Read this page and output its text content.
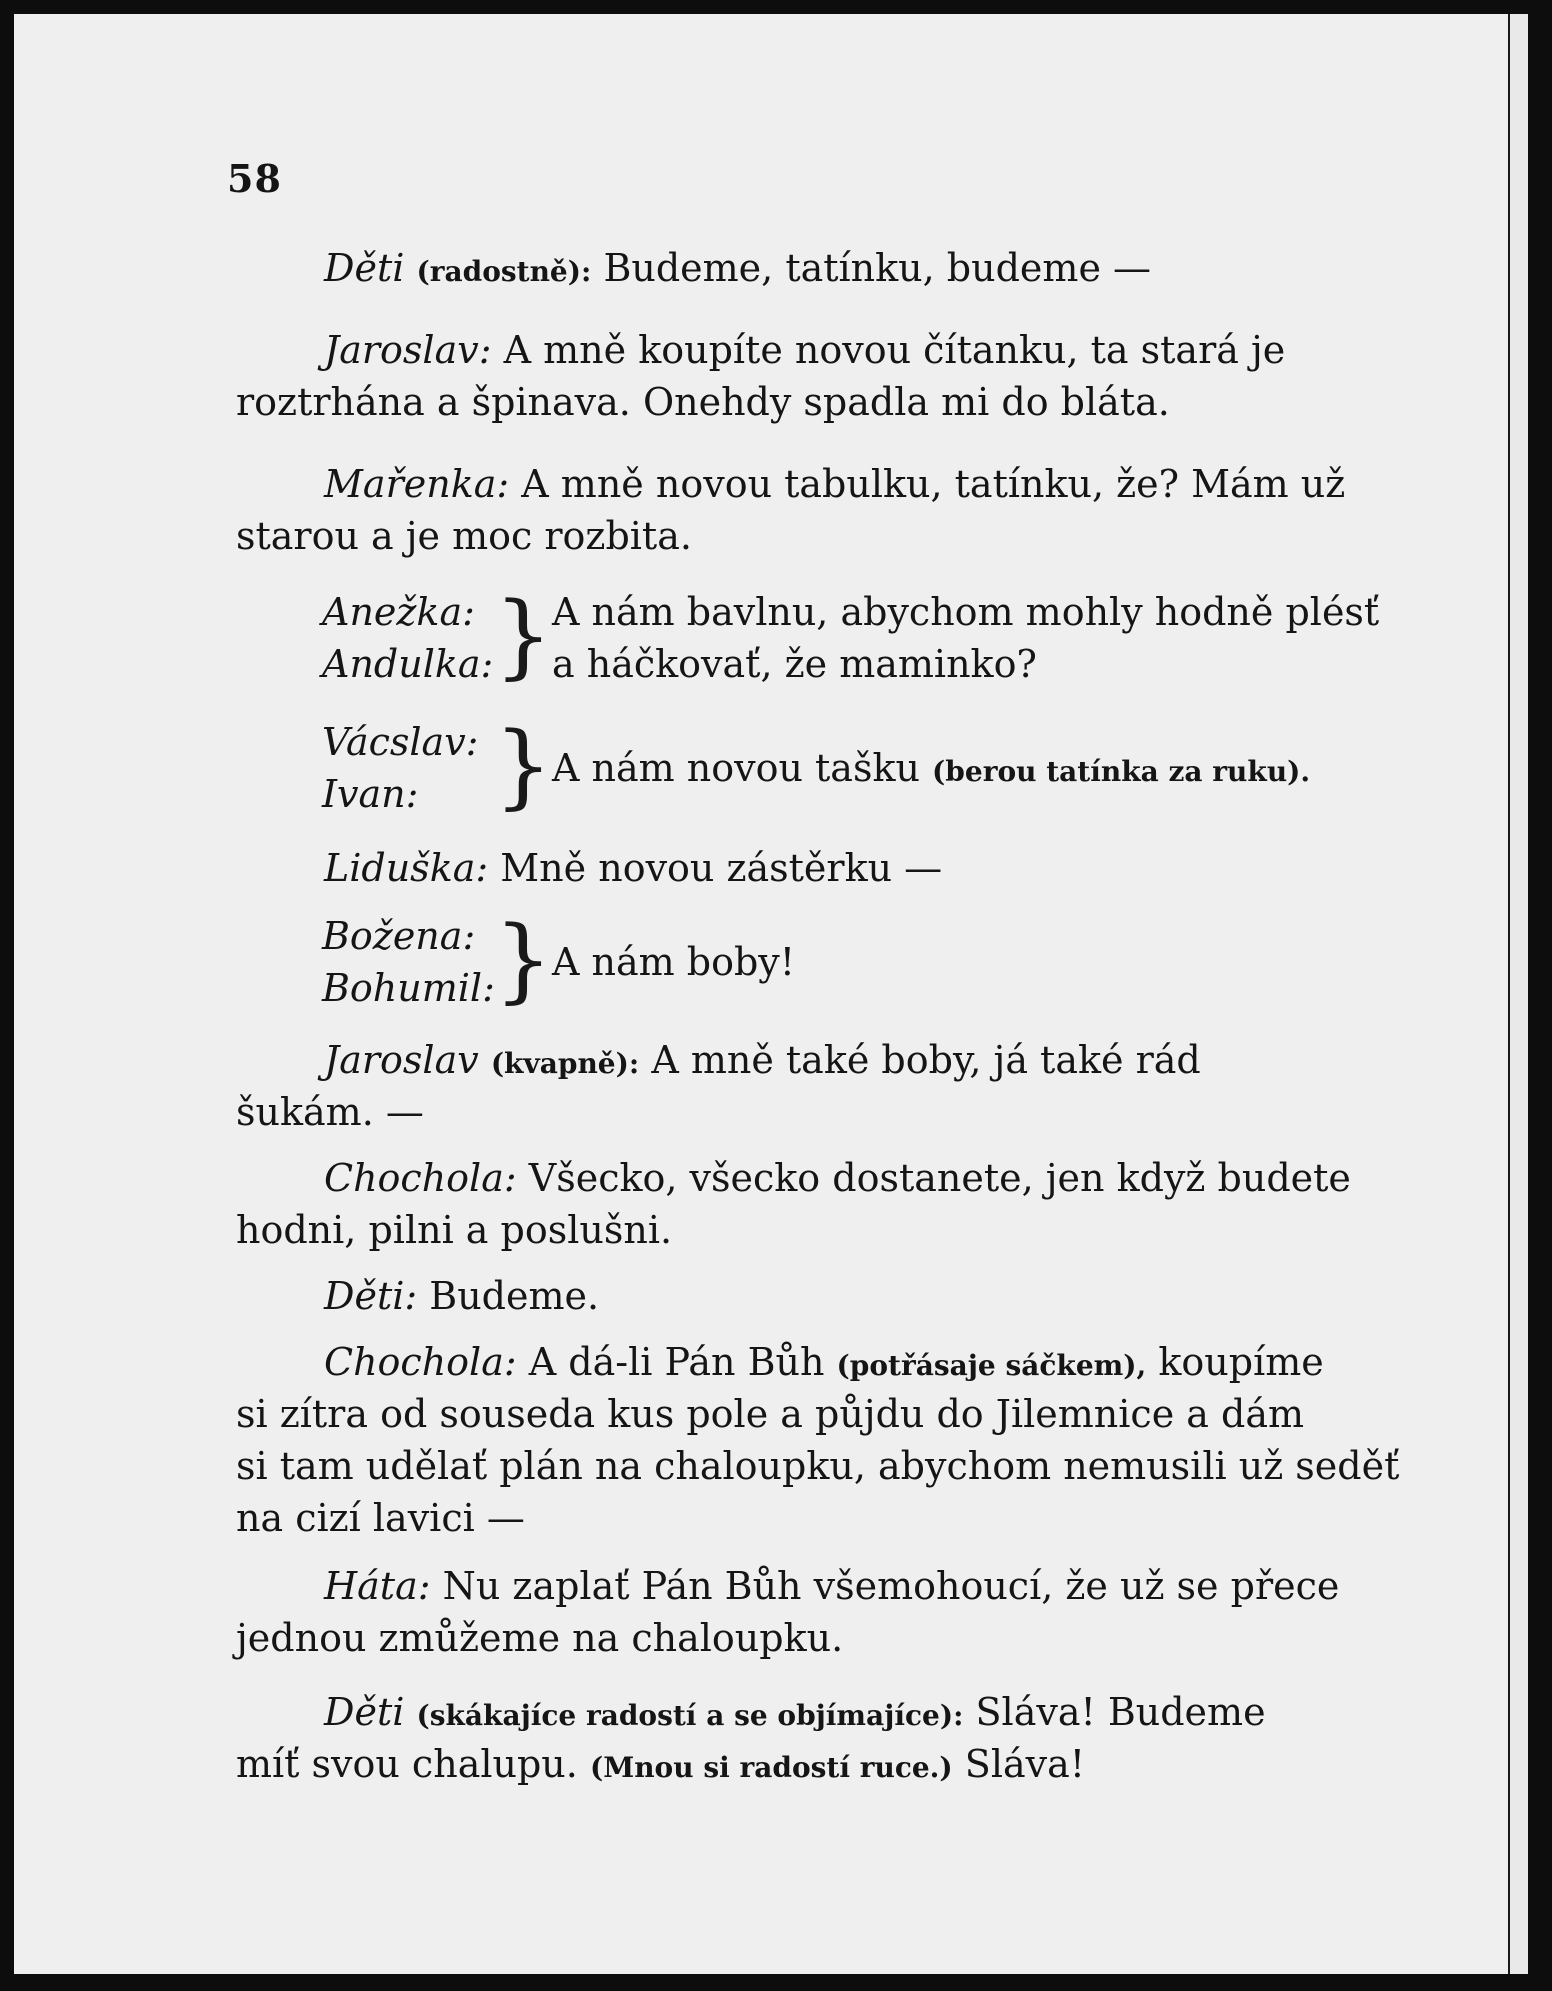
58
Děti (radostně): Budeme, tatínku, budeme —
Jaroslav: A mně koupíte novou čítanku, ta stará je
roztrhána a špinava. Onehdy spadla mi do bláta.
Mařenka: A mně novou tabulku, tatínku, že? Mám už
starou a je moc rozbita.
Anežka:
Andulka: } A nám bavlnu, abychom mohly hodně plésť
a háčkovať, že maminko?
Vácslav:
Ivan: } A nám novou tašku (berou tatínka za ruku).
Liduška: Mně novou zástěrku —
Božena:
Bohumil: } A nám boby!
Jaroslav (kvapně): A mně také boby, já také rád
šukám. —
Chochola: Všecko, všecko dostanete, jen když budete
hodni, pilni a poslušni.
Děti: Budeme.
Chochola: A dá-li Pán Bůh (potřásaje sáčkem), koupíme
si zítra od souseda kus pole a půjdu do Jilemnice a dám
si tam udělať plán na chaloupku, abychom nemusili už seděť
na cizí lavici —
Háta: Nu zaplať Pán Bůh všemohoucí, že už se přece
jednou zmůžeme na chaloupku.
Děti (skákajíce radostí a se objímajíce): Sláva! Budeme
míť svou chalupu. (Mnou si radostí ruce.) Sláva!
